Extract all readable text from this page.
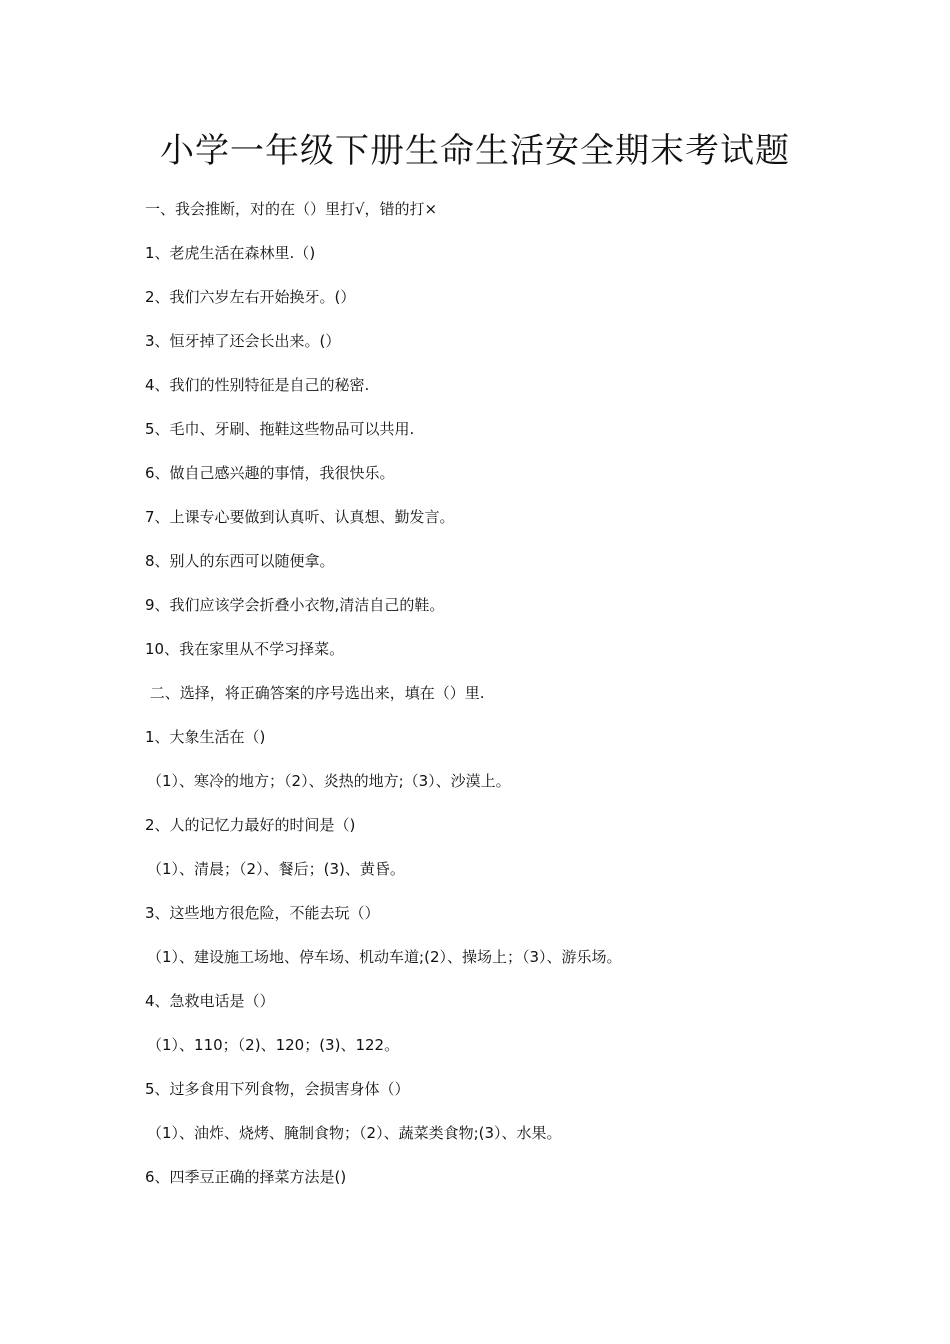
小学一年级下册生命生活安全期末考试题
一、我会推断，对的在（）里打√，错的打×
1、老虎生活在森林里.（)
2、我们六岁左右开始换牙。(）
3、恒牙掉了还会长出来。(）
4、我们的性别特征是自己的秘密.
5、毛巾、牙刷、拖鞋这些物品可以共用.
6、做自己感兴趣的事情，我很快乐。
7、上课专心要做到认真听、认真想、勤发言。
8、别人的东西可以随便拿。
9、我们应该学会折叠小衣物,清洁自己的鞋。
10、我在家里从不学习择菜。
二、选择，将正确答案的序号选出来，填在（）里.
1、大象生活在（)
（1）、寒冷的地方；（2）、炎热的地方;（3）、沙漠上。
2、人的记忆力最好的时间是（)
（1）、清晨；（2）、餐后；(3)、黄昏。
3、这些地方很危险，不能去玩（）
（1）、建设施工场地、停车场、机动车道;(2）、操场上；（3）、游乐场。
4、急救电话是（）
（1）、110；（2)、120；(3)、122。
5、过多食用下列食物，会损害身体（）
（1）、油炸、烧烤、腌制食物；（2）、蔬菜类食物;(3）、水果。
6、四季豆正确的择菜方法是()
